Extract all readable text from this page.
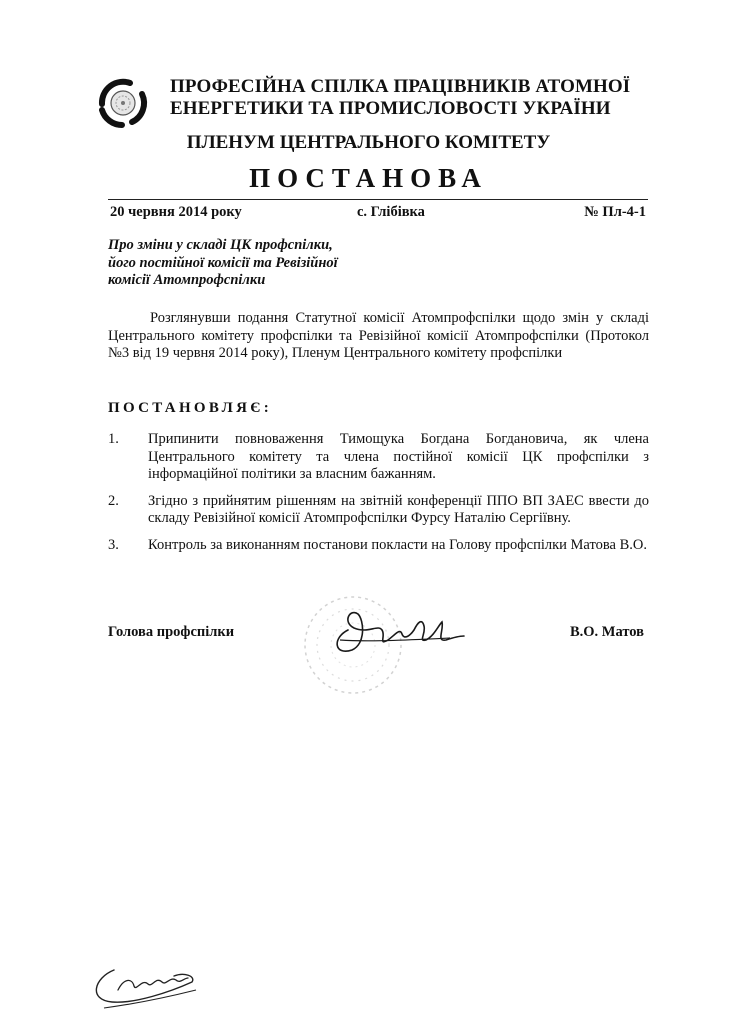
ПРОФЕСІЙНА СПІЛКА ПРАЦІВНИКІВ АТОМНОЇ
ЕНЕРГЕТИКИ ТА ПРОМИСЛОВОСТІ УКРАЇНИ
ПЛЕНУМ ЦЕНТРАЛЬНОГО КОМІТЕТУ
ПОСТАНОВА
20 червня 2014 року	с. Глібівка	№ Пл-4-1
Про зміни у складі ЦК профспілки,
його постійної комісії та Ревізійної
комісії Атомпрофспілки
Розглянувши подання Статутної комісії Атомпрофспілки щодо змін у складі Центрального комітету профспілки та Ревізійної комісії Атомпрофспілки (Протокол №3 від 19 червня 2014 року), Пленум Центрального комітету профспілки
ПОСТАНОВЛЯЄ:
1.	Припинити повноваження Тимощука Богдана Богдановича, як члена Центрального комітету та члена постійної комісії ЦК профспілки з інформаційної політики за власним бажанням.
2.	Згідно з прийнятим рішенням на звітній конференції ППО ВП ЗАЕС ввести до складу Ревізійної комісії Атомпрофспілки Фурсу Наталію Сергіївну.
3.	Контроль за виконанням постанови покласти на Голову профспілки Матова В.О.
Голова профспілки	В.О. Матов
